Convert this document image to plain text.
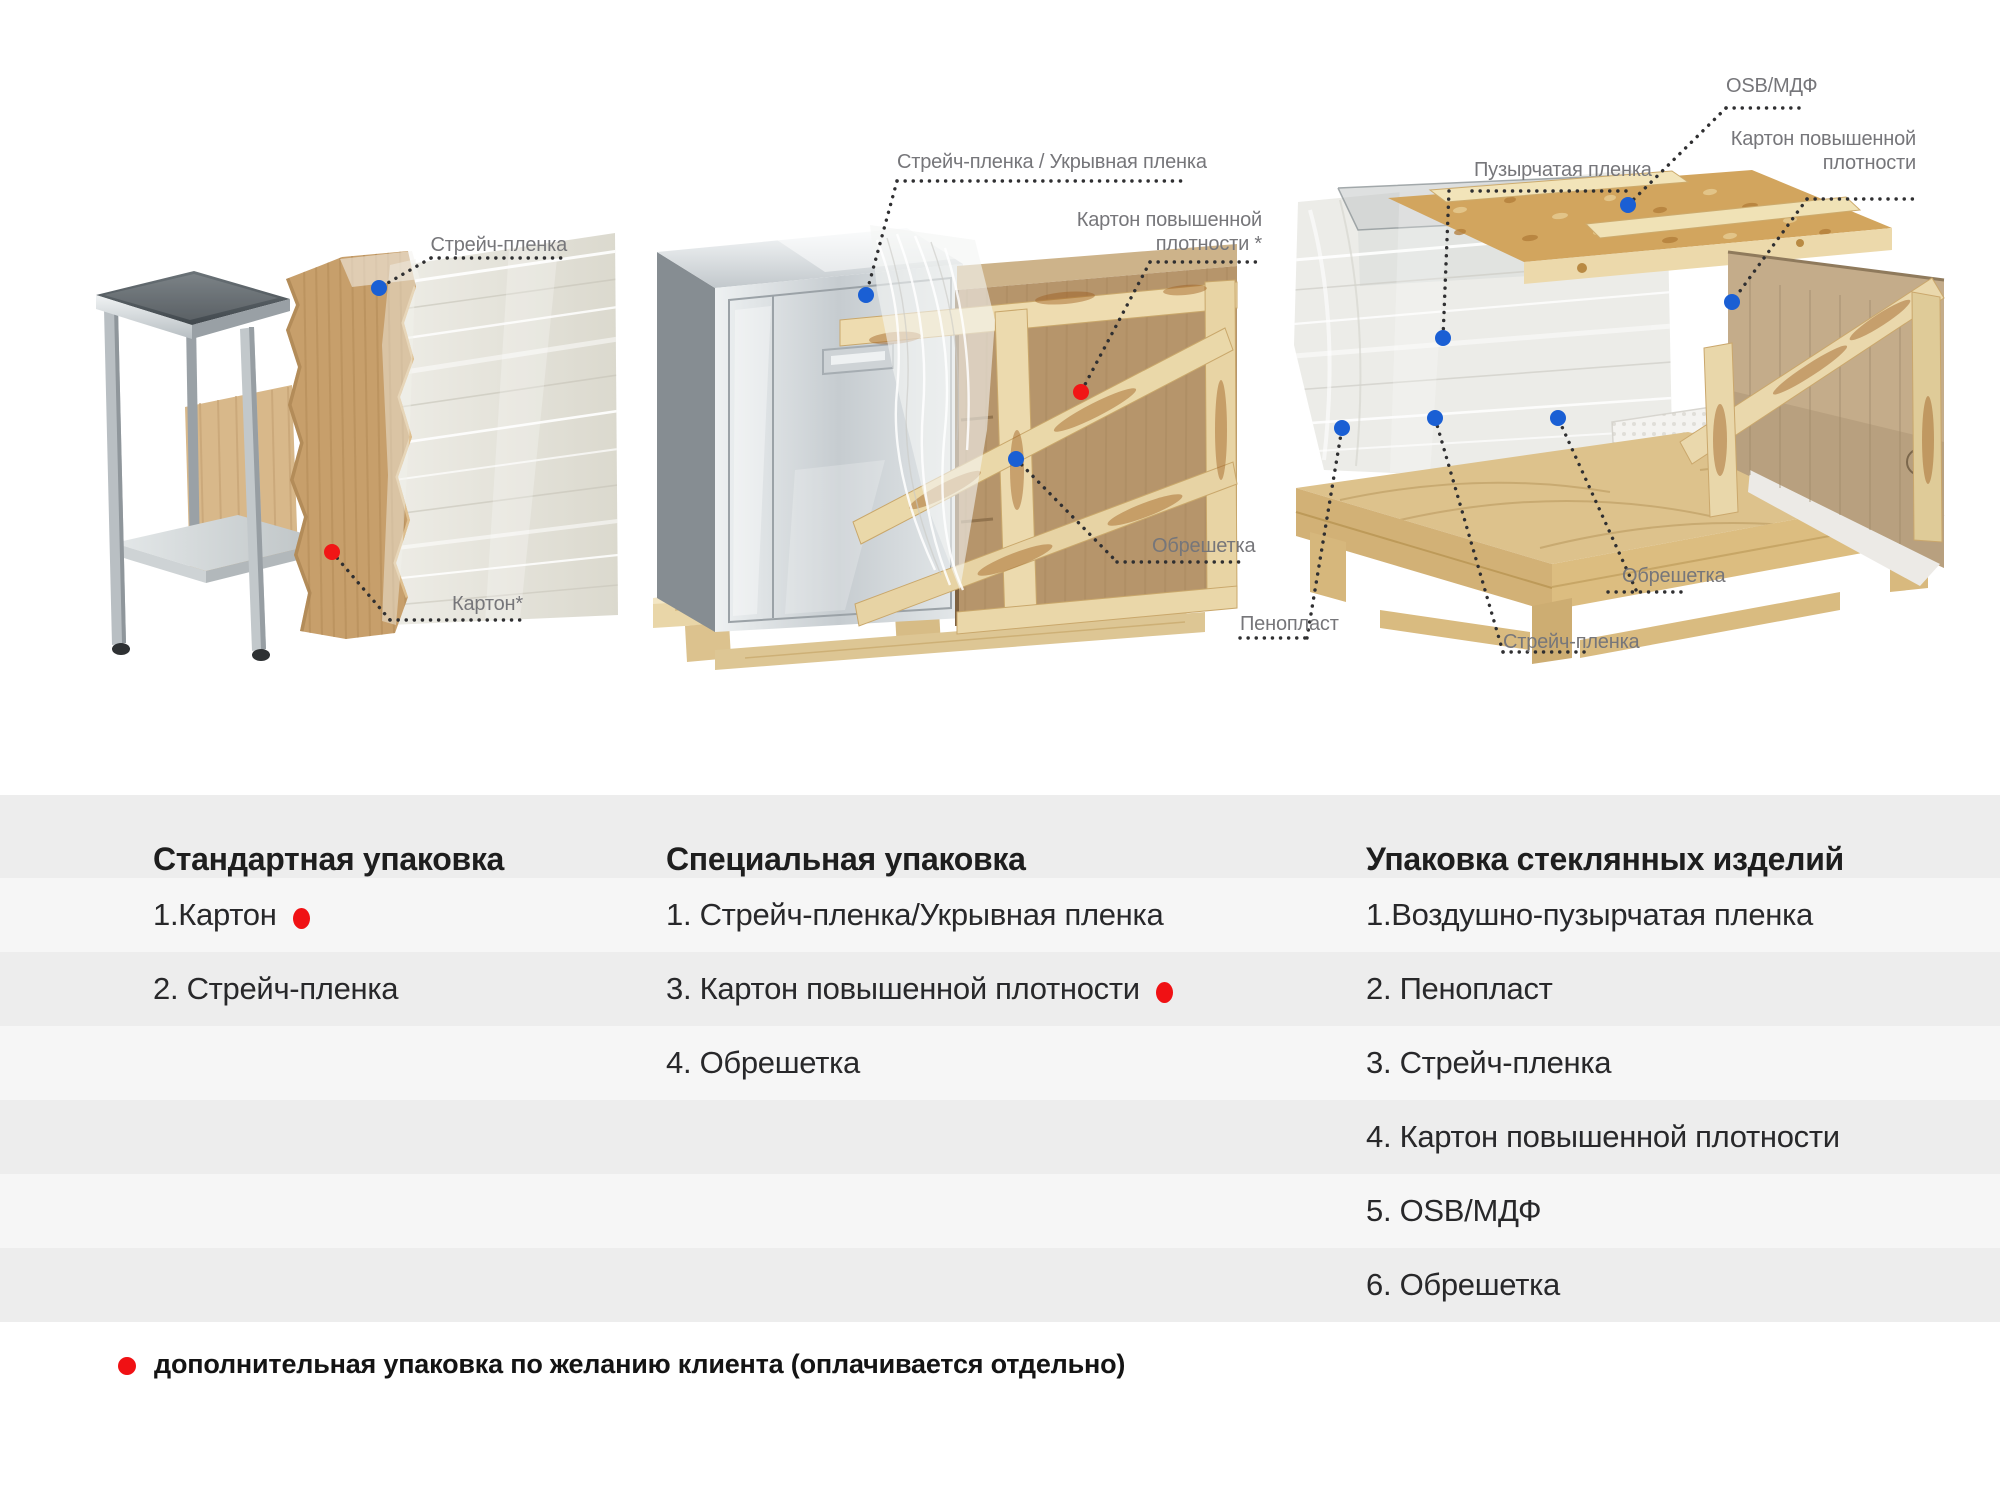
Стрейч-пленка
Картон*
Стрейч-пленка / Укрывная пленка
Картон повышенной
плотности *
Обрешетка
Пузырчатая пленка
OSB/МДФ
Картон повышенной
плотности
Обрешетка
Пенопласт
Стрейч-пленка
Стандартная упаковка	Специальная упаковка	Упаковка стеклянных изделий
1.Картон
2. Стрейч-пленка
1. Стрейч-пленка/Укрывная пленка
3. Картон повышенной плотности
4. Обрешетка
1.Воздушно-пузырчатая пленка
2. Пенопласт
3. Стрейч-пленка
4. Картон повышенной плотности
5. OSB/МДФ
6. Обрешетка
дополнительная упаковка по желанию клиента (оплачивается отдельно)
